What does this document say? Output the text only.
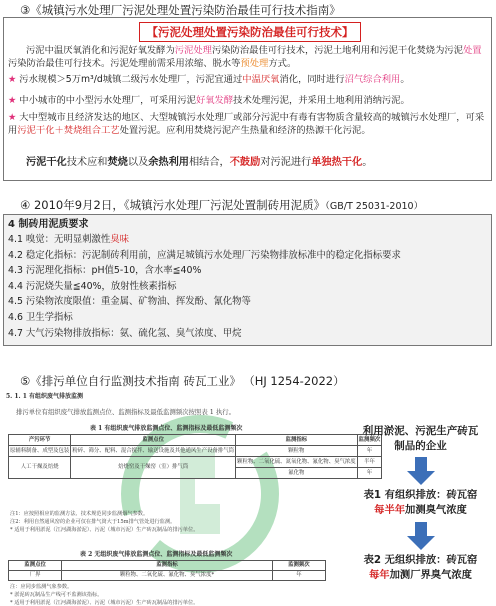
③《城镇污水处理厂污泥处理处置污染防治最佳可行技术指南》
【污泥处理处置污染防治最佳可行技术】
污泥中温厌氧消化和污泥好氧发酵为污泥处理污染防治最佳可行技术，污泥土地利用和污泥干化焚烧为污泥处置污染防治最佳可行技术。污泥处理前需采用浓缩、脱水等预处理方式。
★ 污水规模＞5万m³/d城镇二级污水处理厂，污泥宜通过中温厌氧消化，同时进行沼气综合利用。
★ 中小城市的中小型污水处理厂，可采用污泥好氧发酵技术处理污泥，并采用土地利用消纳污泥。
★ 大中型城市且经济发达的地区、大型城镇污水处理厂或部分污泥中有毒有害物质含量较高的城镇污水处理厂，可采用污泥干化＋焚烧组合工艺处置污泥。应利用焚烧污泥产生热量和经济的热源干化污泥。
污泥干化技术应和焚烧以及余热利用相结合，不鼓励对污泥进行单独热干化。
④ 2010年9月2日，《城镇污水处理厂污泥处置制砖用泥质》（GB/T 25031-2010）
4 制砖用泥质要求
4.1 嗅觉：无明显刺激性臭味
4.2 稳定化指标：污泥制砖利用前，应满足城镇污水处理厂污染物排放标准中的稳定化指标要求
4.3 污泥理化指标：pH值5-10，含水率≦40%
4.4 污泥烧失量≦40%，放射性核素指标
4.5 污染物浓度限值：重金属、矿物油、挥发酚、氰化物等
4.6 卫生学指标
4.7 大气污染物排放指标：氨、硫化氢、臭气浓度、甲烷
⑤《排污单位自行监测技术指南 砖瓦工业》 （HJ 1254-2022）
5. 1. 1 有组织废气排放监测
排污单位有组织废气排放监测点位、监测指标及最低监测频次按照表 1 执行。
表 1 有组织废气排放监测点位、监测指标及最低监测频次
产污环节	监测点位	监测指标	监测频次
原辅料制备、成型及包装	粉碎、筛分、配料、混合搅拌、输送设施及其他通风生产设备排气筒	颗粒物	年
人工干燥及焙烧	焙烧窑及干燥窑（室）排气筒	颗粒物、二氧化硫、氮氧化物、氟化物、臭气浓度	半年
		氟化物	年
注1：应按照相应的监测方法、技术规范同步监测烟气参数。
注2：利用自然通风窑的企业可仅在排气筒大于15m排气管处进行监测。
* 适用于利用淤泥（江河湖海淤泥）、污泥（城市污泥）生产砖瓦制品的排污单位。
表 2 无组织废气排放监测点位、监测指标及最低监测频次
监测点位	监测指标	监测频次
厂界	颗粒物、二氧化硫、氟化物、臭气浓度*	年
注：应同步监测气象参数。
* 淤泥砖瓦制品生产线可不监测该指标。
* 适用于利用淤泥（江河湖海淤泥）、污泥（城市污泥）生产砖瓦制品的排污单位。
利用淤泥、污泥生产砖瓦
制品的企业
表1 有组织排放：砖瓦窑
每半年加测臭气浓度
表2 无组织排放：砖瓦窑
每年加测厂界臭气浓度
